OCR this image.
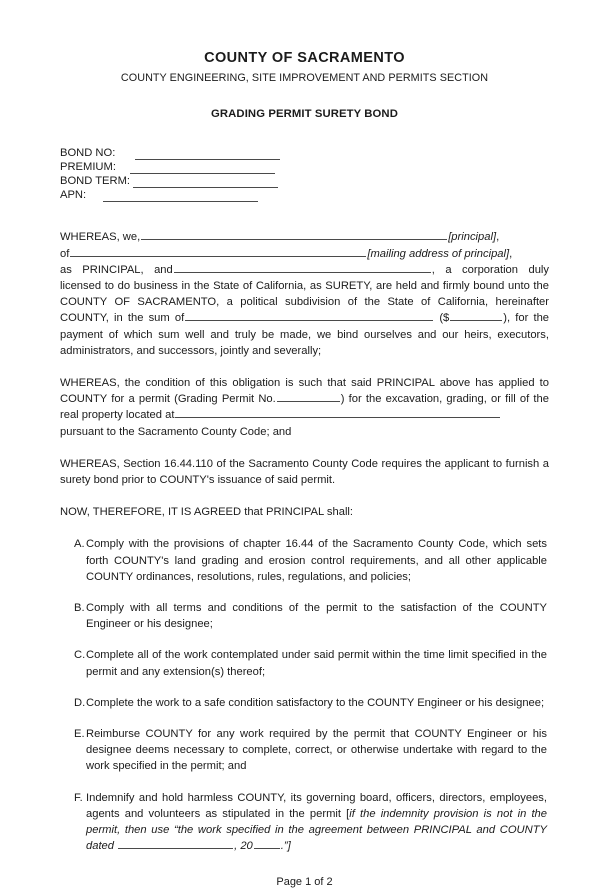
COUNTY OF SACRAMENTO
COUNTY ENGINEERING, SITE IMPROVEMENT AND PERMITS SECTION
GRADING PERMIT SURETY BOND
BOND NO:
PREMIUM:
BOND TERM:
APN:

WHEREAS, we,	[principal],

of	[mailing address of principal],

as PRINCIPAL, and	, a corporation duly licensed to do business in the State of California, as SURETY, are held and firmly bound unto the COUNTY OF SACRAMENTO, a political subdivision of the State of California, hereinafter COUNTY, in the sum of	($	), for the payment of which sum well and truly be made, we bind ourselves and our heirs, executors, administrators, and successors, jointly and severally;

WHEREAS, the condition of this obligation is such that said PRINCIPAL above has applied to COUNTY for a permit (Grading Permit No.	) for the excavation, grading, or fill of the real property located at

pursuant to the Sacramento County Code; and

WHEREAS, Section 16.44.110 of the Sacramento County Code requires the applicant to furnish a surety bond prior to COUNTY's issuance of said permit.

NOW, THEREFORE, IT IS AGREED that PRINCIPAL shall:

A. Comply with the provisions of chapter 16.44 of the Sacramento County Code, which sets forth COUNTY's land grading and erosion control requirements, and all other applicable COUNTY ordinances, resolutions, rules, regulations, and policies;
B. Comply with all terms and conditions of the permit to the satisfaction of the COUNTY Engineer or his designee;
C. Complete all of the work contemplated under said permit within the time limit specified in the permit and any extension(s) thereof;
D. Complete the work to a safe condition satisfactory to the COUNTY Engineer or his designee;
E. Reimburse COUNTY for any work required by the permit that COUNTY Engineer or his designee deems necessary to complete, correct, or otherwise undertake with regard to the work specified in the permit; and
F. Indemnify and hold harmless COUNTY, its governing board, officers, directors, employees, agents and volunteers as stipulated in the permit [if the indemnity provision is not in the permit, then use “the work specified in the agreement between PRINCIPAL and COUNTY dated	, 20	.”]
Page 1 of 2
